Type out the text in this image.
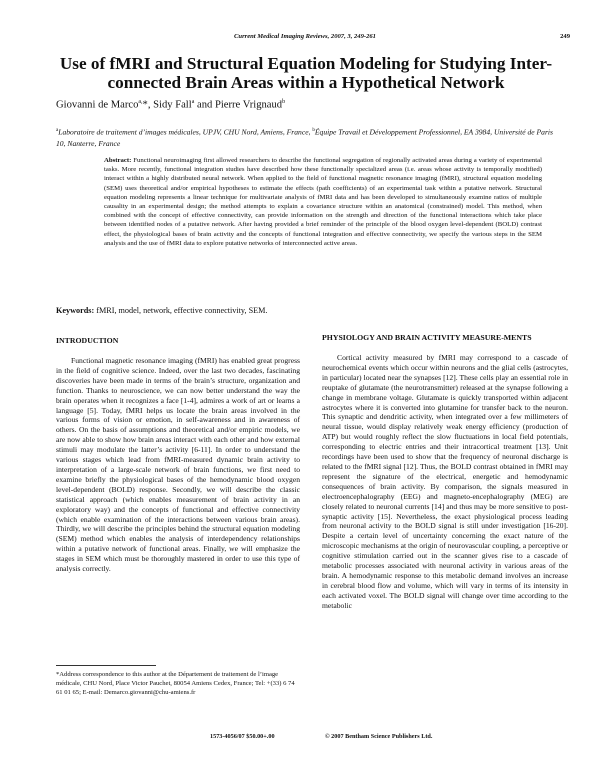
Current Medical Imaging Reviews, 2007, 3, 249-261	249
Use of fMRI and Structural Equation Modeling for Studying Inter-connected Brain Areas within a Hypothetical Network
Giovanni de Marco$^{a,}$*, Sidy Fall$^a$ and Pierre Vrignaud$^b$
$^a$Laboratoire de traitement d’images médicales, UPJV, CHU Nord, Amiens, France, $^b$Équipe Travail et Développement Professionnel, EA 3984, Université de Paris 10, Nanterre, France
Abstract: Functional neuroimaging first allowed researchers to describe the functional segregation of regionally activated areas during a variety of experimental tasks. More recently, functional integration studies have described how these functionally specialized areas (i.e. areas whose activity is temporally modified) interact within a highly distributed neural network. When applied to the field of functional magnetic resonance imaging (fMRI), structural equation modeling (SEM) uses theoretical and/or empirical hypotheses to estimate the effects (path coefficients) of an experimental task within a putative network. Structural equation modeling represents a linear technique for multivariate analysis of fMRI data and has been developed to simultaneously examine ratios of multiple causality in an experimental design; the method attempts to explain a covariance structure within an anatomical (constrained) model. This method, when combined with the concept of effective connectivity, can provide information on the strength and direction of the functional interactions which take place between identified nodes of a putative network. After having provided a brief reminder of the principle of the blood oxygen level-dependent (BOLD) contrast effect, the physiological bases of brain activity and the concepts of functional integration and effective connectivity, we specify the various steps in the SEM analysis and the use of fMRI data to explore putative networks of interconnected active areas.
Keywords: fMRI, model, network, effective connectivity, SEM.
INTRODUCTION

Functional magnetic resonance imaging (fMRI) has enabled great progress in the field of cognitive science. Indeed, over the last two decades, fascinating discoveries have been made in terms of the brain’s structure, organization and function. Thanks to neuroscience, we can now better understand the way the brain operates when it recognizes a face [1-4], admires a work of art or learns a language [5]. Today, fMRI helps us locate the brain areas involved in the various forms of vision or emotion, in self-awareness and in awareness of others. On the basis of assumptions and theoretical and/or empiric models, we are now able to show how brain areas interact with each other and how external stimuli may modulate the latter’s activity [6-11]. In order to understand the various stages which lead from fMRI-measured dynamic brain activity to interpretation of a large-scale network of brain functions, we first need to examine briefly the physiological bases of the hemodynamic blood oxygen level-dependent (BOLD) response. Secondly, we will describe the classic statistical approach (which enables measurement of brain activity in an exploratory way) and the concepts of functional and effective connectivity (which enable examination of the interactions between various brain areas). Thirdly, we will describe the principles behind the structural equation modeling (SEM) method which enables the analysis of interdependency relationships within a putative network of functional areas. Finally, we will emphasize the stages in SEM which must be thoroughly mastered in order to use this type of analysis correctly.

PHYSIOLOGY AND BRAIN ACTIVITY MEASURE-MENTS

Cortical activity measured by fMRI may correspond to a cascade of neurochemical events which occur within neurons and the glial cells (astrocytes, in particular) located near the synapses [12]. These cells play an essential role in reuptake of glutamate (the neurotransmitter) released at the synapse following a change in membrane voltage. Glutamate is quickly transported within adjacent astrocytes where it is converted into glutamine for transfer back to the neuron. This synaptic and dendritic activity, when integrated over a few millimeters of neural tissue, would display relatively weak energy efficiency (production of ATP) but would roughly reflect the slow fluctuations in local field potentials, corresponding to electric entries and their intracortical treatment [13]. Unit recordings have been used to show that the frequency of neuronal discharge is related to the fMRI signal [12]. Thus, the BOLD contrast obtained in fMRI may represent the signature of the electrical, energetic and hemodynamic consequences of brain activity. By comparison, the signals measured in electroencephalography (EEG) and magneto-encephalography (MEG) are closely related to neuronal currents [14] and thus may be more sensitive to post-synaptic activity [15]. Nevertheless, the exact physiological process leading from neuronal activity to the BOLD signal is still under investigation [16-20]. Despite a certain level of uncertainty concerning the exact nature of the microscopic mechanisms at the origin of neurovascular coupling, a perceptive or cognitive stimulation carried out in the scanner gives rise to a cascade of metabolic processes associated with neuronal activity in various areas of the brain. A hemodynamic response to this metabolic demand involves an increase in cerebral blood flow and volume, which will vary in terms of its intensity in each activated voxel. The BOLD signal will change over time according to the metabolic

*Address correspondence to this author at the Département de traitement de l’image médicale, CHU Nord, Place Victor Pauchet, 80054 Amiens Cedex, France; Tel: +(33) 6 74 61 01 65; E-mail: Demarco.giovanni@chu-amiens.fr
1573-4056/07 $50.00+.00	© 2007 Bentham Science Publishers Ltd.
